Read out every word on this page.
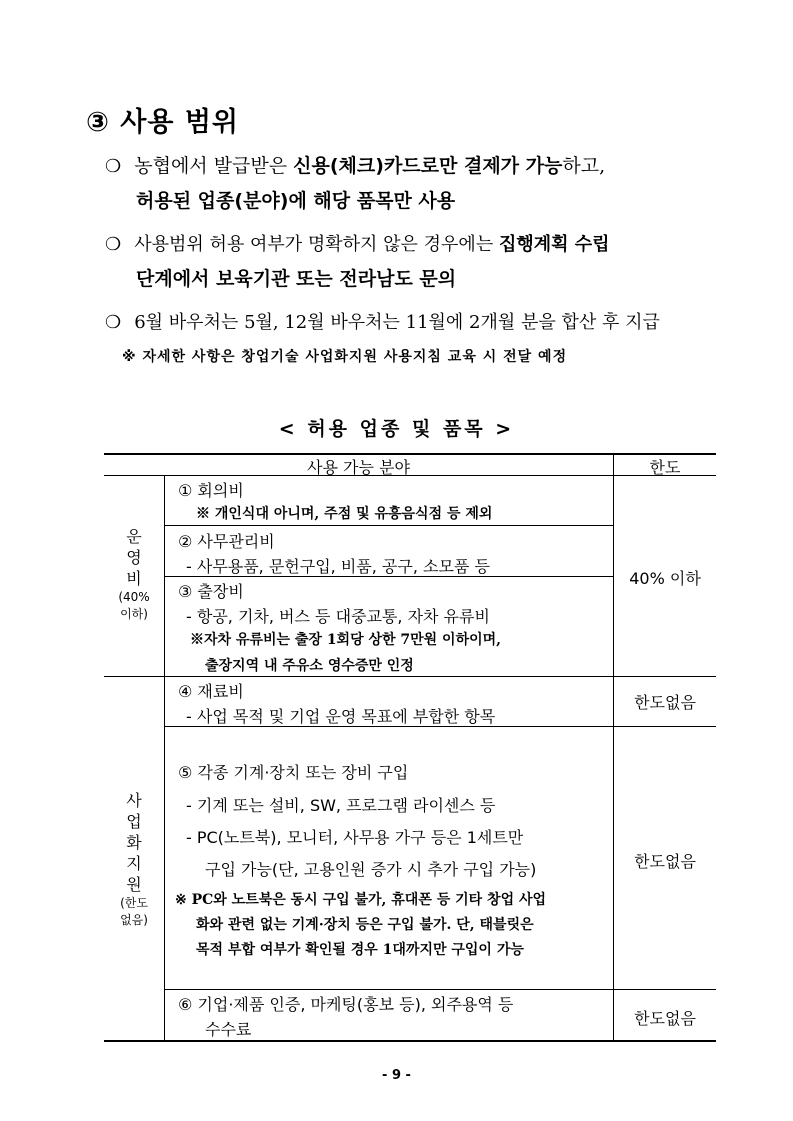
③ 사용 범위
❍ 농협에서 발급받은 신용(체크)카드로만 결제가 가능하고,
허용된 업종(분야)에 해당 품목만 사용
❍ 사용범위 허용 여부가 명확하지 않은 경우에는 집행계획 수립
단계에서 보육기관 또는 전라남도 문의
❍ 6월 바우처는 5월, 12월 바우처는 11월에 2개월 분을 합산 후 지급
※ 자세한 사항은 창업기술 사업화지원 사용지침 교육 시 전달 예정
< 허용 업종 및 품목 >
사용 가능 분야	한도
운
영
비
(40%
이하)
① 회의비
※ 개인식대 아니며, 주점 및 유흥음식점 등 제외
② 사무관리비
- 사무용품, 문헌구입, 비품, 공구, 소모품 등
③ 출장비
- 항공, 기차, 버스 등 대중교통, 자차 유류비
※자차 유류비는 출장 1회당 상한 7만원 이하이며,
출장지역 내 주유소 영수증만 인정
40% 이하
사
업
화
지
원
(한도
없음)
④ 재료비
- 사업 목적 및 기업 운영 목표에 부합한 항목
한도없음
⑤ 각종 기계·장치 또는 장비 구입
- 기계 또는 설비, SW, 프로그램 라이센스 등
- PC(노트북), 모니터, 사무용 가구 등은 1세트만
구입 가능(단, 고용인원 증가 시 추가 구입 가능)
※ PC와 노트북은 동시 구입 불가, 휴대폰 등 기타 창업 사업
화와 관련 없는 기계·장치 등은 구입 불가. 단, 태블릿은
목적 부합 여부가 확인될 경우 1대까지만 구입이 가능
한도없음
⑥ 기업·제품 인증, 마케팅(홍보 등), 외주용역 등
수수료
한도없음
- 9 -
